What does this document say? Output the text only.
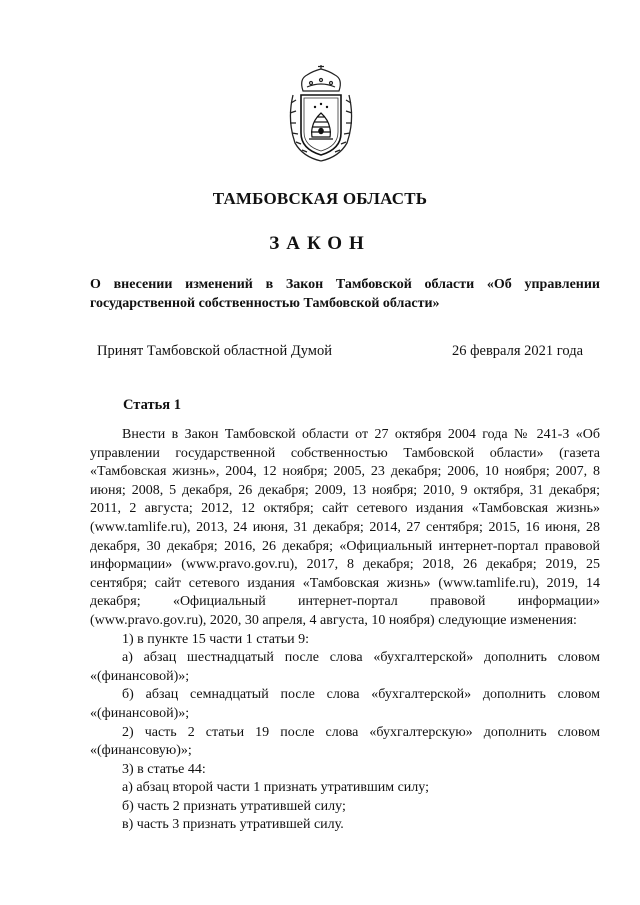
ТАМБОВСКАЯ ОБЛАСТЬ
ЗАКОН
О внесении изменений в Закон Тамбовской области «Об управлении государственной собственностью Тамбовской области»
Принят Тамбовской областной Думой	26 февраля 2021 года
Статья 1

Внести в Закон Тамбовской области от 27 октября 2004 года № 241-З «Об управлении государственной собственностью Тамбовской области» (газета «Тамбовская жизнь», 2004, 12 ноября; 2005, 23 декабря; 2006, 10 ноября; 2007, 8 июня; 2008, 5 декабря, 26 декабря; 2009, 13 ноября; 2010, 9 октября, 31 декабря; 2011, 2 августа; 2012, 12 октября; сайт сетевого издания «Тамбовская жизнь» (www.tamlife.ru), 2013, 24 июня, 31 декабря; 2014, 27 сентября; 2015, 16 июня, 28 декабря, 30 декабря; 2016, 26 декабря; «Официальный интернет-портал правовой информации» (www.pravo.gov.ru), 2017, 8 декабря; 2018, 26 декабря; 2019, 25 сентября; сайт сетевого издания «Тамбовская жизнь» (www.tamlife.ru), 2019, 14 декабря; «Официальный интернет-портал правовой информации» (www.pravo.gov.ru), 2020, 30 апреля, 4 августа, 10 ноября) следующие изменения:

1) в пункте 15 части 1 статьи 9:

а) абзац шестнадцатый после слова «бухгалтерской» дополнить словом «(финансовой)»;

б) абзац семнадцатый после слова «бухгалтерской» дополнить словом «(финансовой)»;

2) часть 2 статьи 19 после слова «бухгалтерскую» дополнить словом «(финансовую)»;

3) в статье 44:

а) абзац второй части 1 признать утратившим силу;

б) часть 2 признать утратившей силу;

в) часть 3 признать утратившей силу.
